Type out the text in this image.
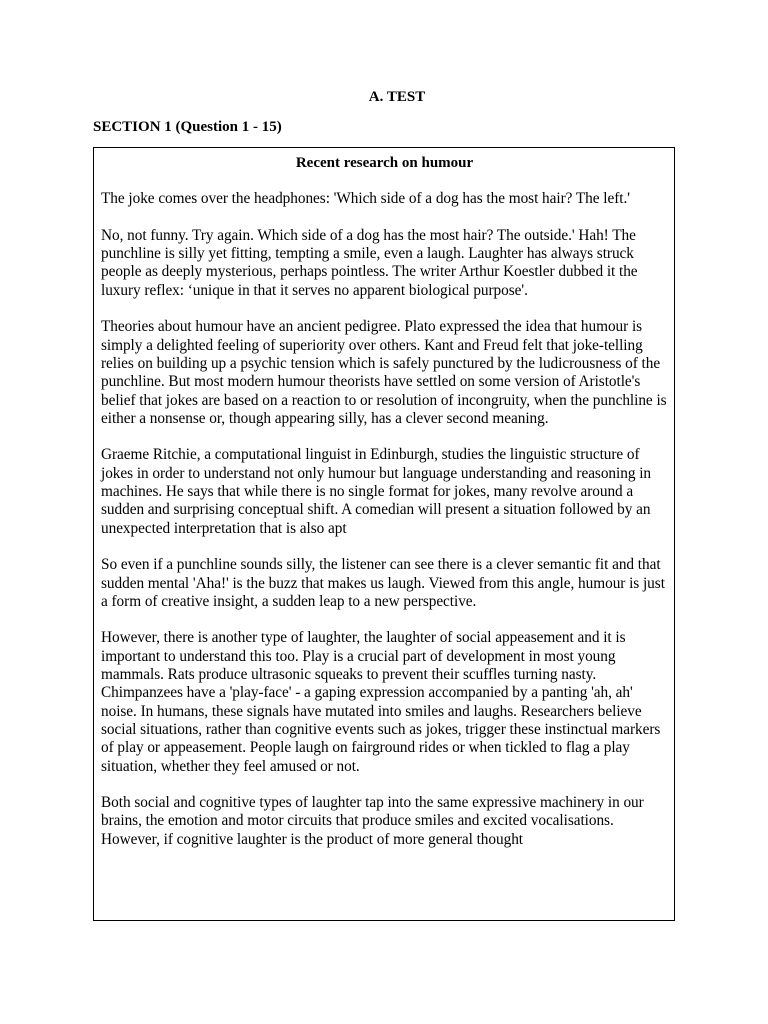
A. TEST
SECTION 1 (Question 1 - 15)
Recent research on humour

The joke comes over the headphones: 'Which side of a dog has the most hair? The left.'

No, not funny. Try again. Which side of a dog has the most hair? The outside.' Hah! The punchline is silly yet fitting, tempting a smile, even a laugh. Laughter has always struck people as deeply mysterious, perhaps pointless. The writer Arthur Koestler dubbed it the luxury reflex: ‘unique in that it serves no apparent biological purpose'.

Theories about humour have an ancient pedigree. Plato expressed the idea that humour is simply a delighted feeling of superiority over others. Kant and Freud felt that joke-telling relies on building up a psychic tension which is safely punctured by the ludicrousness of the punchline. But most modern humour theorists have settled on some version of Aristotle's belief that jokes are based on a reaction to or resolution of incongruity, when the punchline is either a nonsense or, though appearing silly, has a clever second meaning.

Graeme Ritchie, a computational linguist in Edinburgh, studies the linguistic structure of jokes in order to understand not only humour but language understanding and reasoning in machines. He says that while there is no single format for jokes, many revolve around a sudden and surprising conceptual shift. A comedian will present a situation followed by an unexpected interpretation that is also apt

So even if a punchline sounds silly, the listener can see there is a clever semantic fit and that sudden mental 'Aha!' is the buzz that makes us laugh. Viewed from this angle, humour is just a form of creative insight, a sudden leap to a new perspective.

However, there is another type of laughter, the laughter of social appeasement and it is important to understand this too. Play is a crucial part of development in most young mammals. Rats produce ultrasonic squeaks to prevent their scuffles turning nasty. Chimpanzees have a 'play-face' - a gaping expression accompanied by a panting 'ah, ah' noise. In humans, these signals have mutated into smiles and laughs. Researchers believe social situations, rather than cognitive events such as jokes, trigger these instinctual markers of play or appeasement. People laugh on fairground rides or when tickled to flag a play situation, whether they feel amused or not.

Both social and cognitive types of laughter tap into the same expressive machinery in our brains, the emotion and motor circuits that produce smiles and excited vocalisations. However, if cognitive laughter is the product of more general thought
